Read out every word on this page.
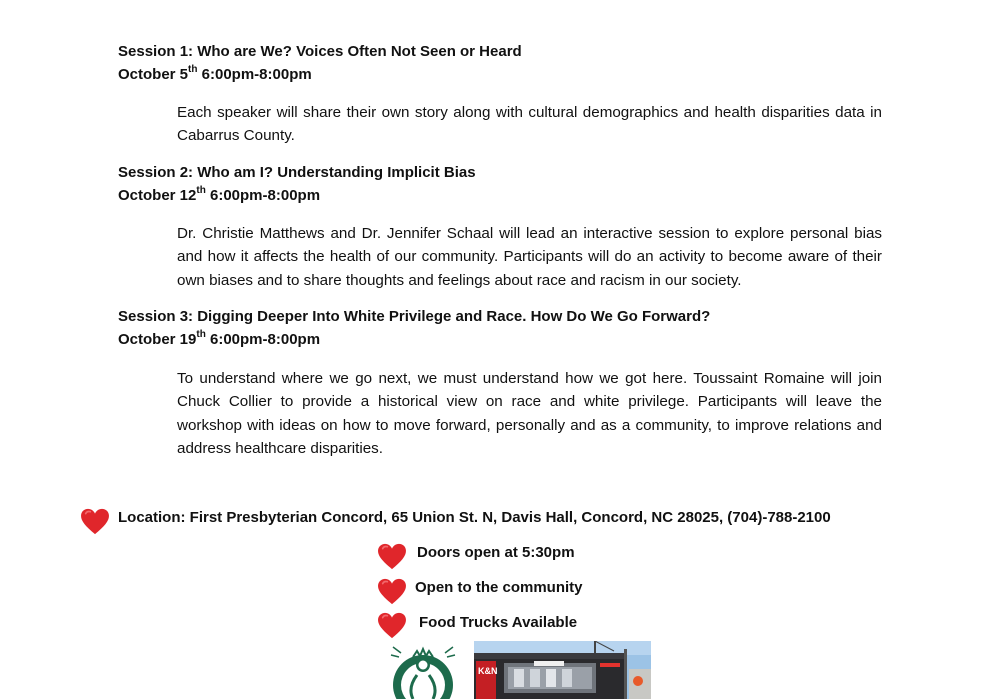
Session 1: Who are We? Voices Often Not Seen or Heard
October 5th 6:00pm-8:00pm
Each speaker will share their own story along with cultural demographics and health disparities data in Cabarrus County.
Session 2: Who am I? Understanding Implicit Bias
October 12th 6:00pm-8:00pm
Dr. Christie Matthews and Dr. Jennifer Schaal will lead an interactive session to explore personal bias and how it affects the health of our community. Participants will do an activity to become aware of their own biases and to share thoughts and feelings about race and racism in our society.
Session 3: Digging Deeper Into White Privilege and Race. How Do We Go Forward?
October 19th 6:00pm-8:00pm
To understand where we go next, we must understand how we got here. Toussaint Romaine will join Chuck Collier to provide a historical view on race and white privilege. Participants will leave the workshop with ideas on how to move forward, personally and as a community, to improve relations and address healthcare disparities.
Location: First Presbyterian Concord, 65 Union St. N, Davis Hall, Concord, NC 28025, (704)-788-2100
Doors open at 5:30pm
Open to the community
Food Trucks Available
K&N
